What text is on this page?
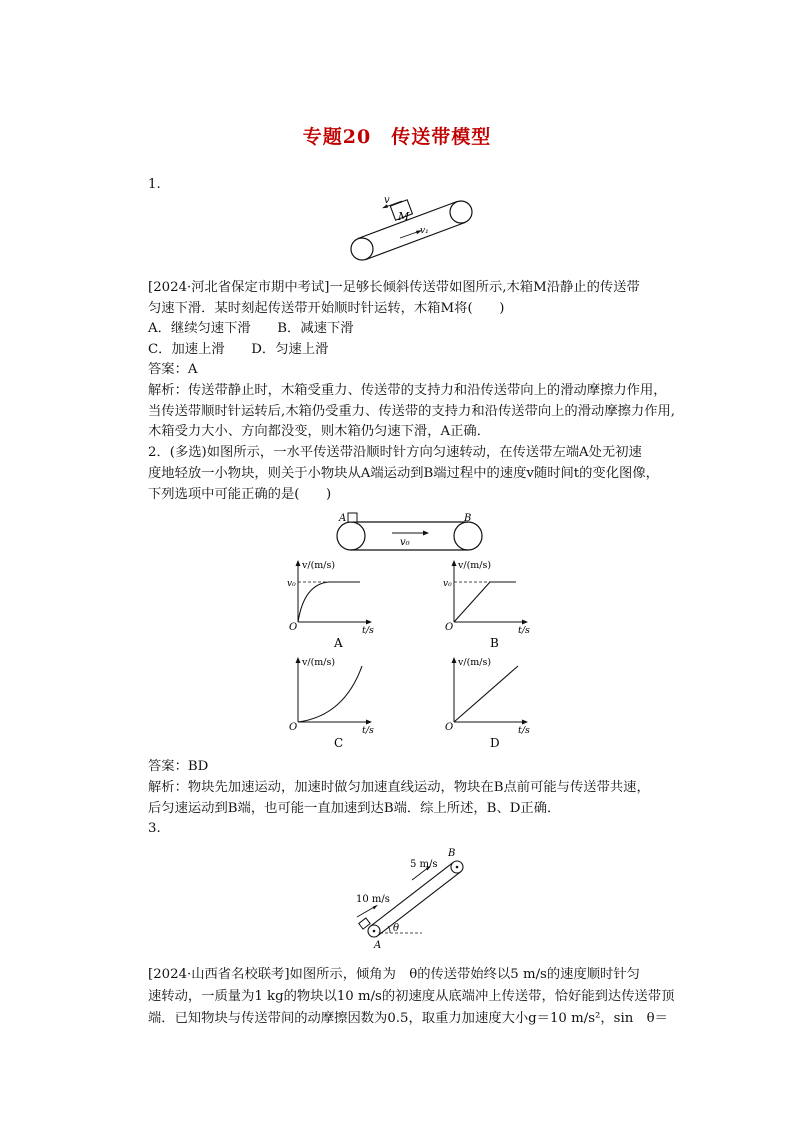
专题20　传送带模型
1.
M
v
v₁
[2024·河北省保定市期中考试]一足够长倾斜传送带如图所示,木箱M沿静止的传送带
匀速下滑．某时刻起传送带开始顺时针运转，木箱M将(　　)
A．继续匀速下滑　　B．减速下滑
C．加速上滑　　D．匀速上滑
答案：A
解析：传送带静止时，木箱受重力、传送带的支持力和沿传送带向上的滑动摩擦力作用，
当传送带顺时针运转后,木箱仍受重力、传送带的支持力和沿传送带向上的滑动摩擦力作用,
木箱受力大小、方向都没变，则木箱仍匀速下滑，A正确．
2．(多选)如图所示，一水平传送带沿顺时针方向匀速转动，在传送带左端A处无初速
度地轻放一小物块，则关于小物块从A端运动到B端过程中的速度v随时间t的变化图像，
下列选项中可能正确的是(　　)
A	B
v₀
v/(m/s)
t/s
O
v₀
A
v/(m/s)
t/s
O
v₀
B
v/(m/s)
t/s
O
C
v/(m/s)
t/s
O
D
答案：BD
解析：物块先加速运动，加速时做匀加速直线运动，物块在B点前可能与传送带共速，
后匀速运动到B端，也可能一直加速到达B端．综上所述，B、D正确．
3.
5 m/s
10 m/s
θ
B
A
[2024·山西省名校联考]如图所示，倾角为　θ的传送带始终以5 m/s的速度顺时针匀
速转动，一质量为1 kg的物块以10 m/s的初速度从底端冲上传送带，恰好能到达传送带顶
端．已知物块与传送带间的动摩擦因数为0.5，取重力加速度大小g＝10 m/s²，sin　θ＝
